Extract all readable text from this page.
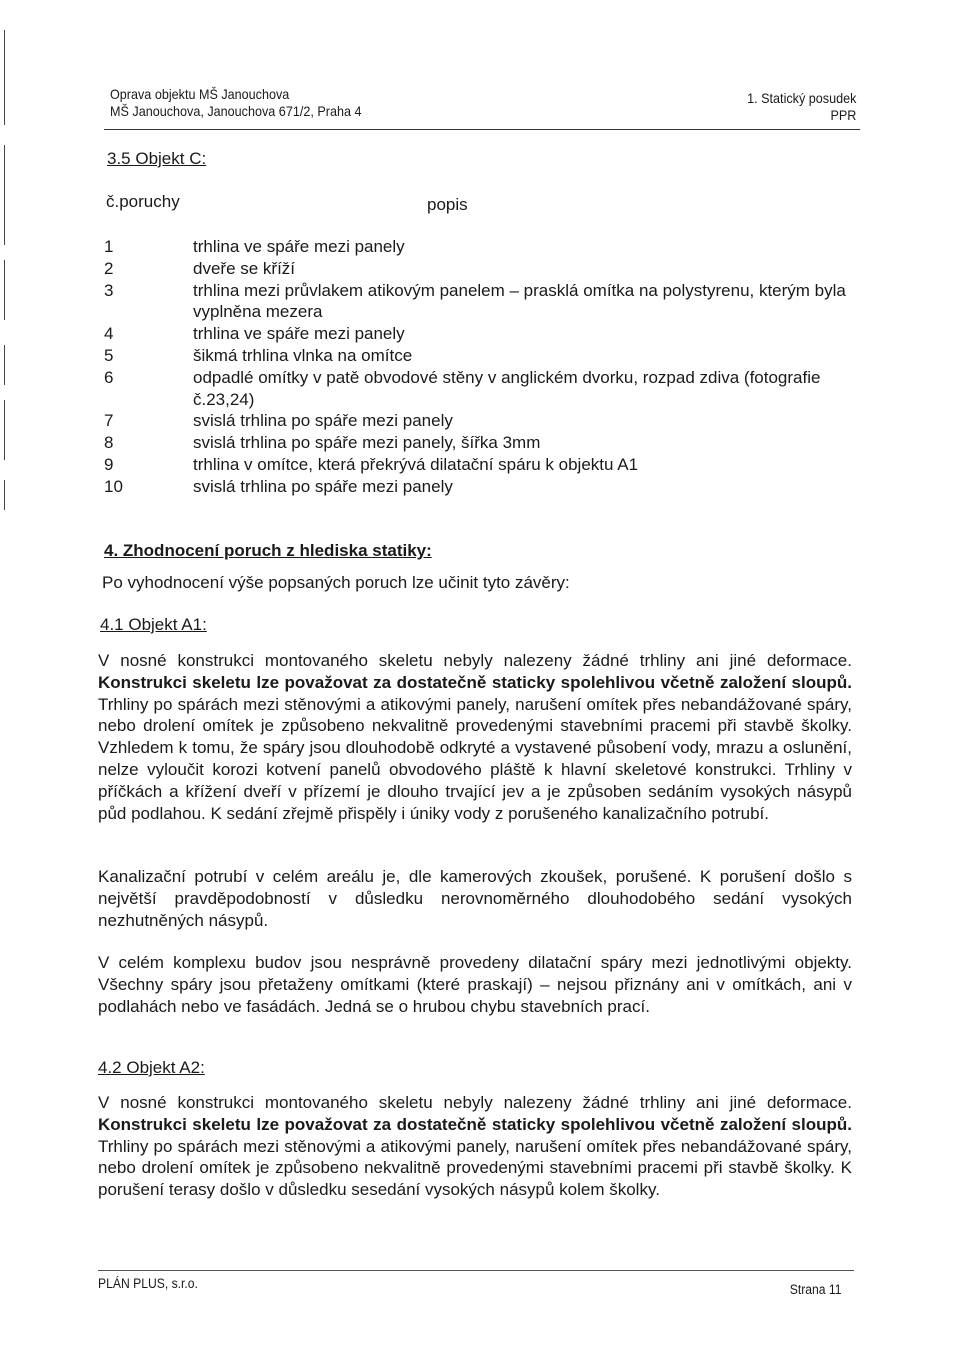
Oprava objektu MŠ Janouchova
MŠ Janouchova, Janouchova 671/2, Praha 4
1. Statický posudek
PPR
3.5 Objekt C:
č.poruchy	popis
1	trhlina ve spáře mezi panely
2	dveře se kříží
3	trhlina mezi průvlakem atikovým panelem – prasklá omítka na polystyrenu, kterým byla vyplněna mezera
4	trhlina ve spáře mezi panely
5	šikmá trhlina vlnka na omítce
6	odpadlé omítky v patě obvodové stěny v anglickém dvorku, rozpad zdiva (fotografie č.23,24)
7	svislá trhlina po spáře mezi panely
8	svislá trhlina po spáře mezi panely, šířka 3mm
9	trhlina v omítce, která překrývá dilatační spáru k objektu A1
10	svislá trhlina po spáře mezi panely
4. Zhodnocení poruch z hlediska statiky:
Po vyhodnocení výše popsaných poruch lze učinit tyto závěry:
4.1 Objekt A1:
V nosné konstrukci montovaného skeletu nebyly nalezeny žádné trhliny ani jiné deformace. Konstrukci skeletu lze považovat za dostatečně staticky spolehlivou včetně založení sloupů. Trhliny po spárách mezi stěnovými a atikovými panely, narušení omítek přes nebandážované spáry, nebo drolení omítek je způsobeno nekvalitně provedenými stavebními pracemi při stavbě školky. Vzhledem k tomu, že spáry jsou dlouhodobě odkryté a vystavené působení vody, mrazu a oslunění, nelze vyloučit korozi kotvení panelů obvodového pláště k hlavní skeletové konstrukci. Trhliny v příčkách a křížení dveří v přízemí je dlouho trvající jev a je způsoben sedáním vysokých násypů půd podlahou. K sedání zřejmě přispěly i úniky vody z porušeného kanalizačního potrubí.
Kanalizační potrubí v celém areálu je, dle kamerových zkoušek, porušené. K porušení došlo s největší pravděpodobností v důsledku nerovnoměrného dlouhodobého sedání vysokých nezhutněných násypů.
V celém komplexu budov jsou nesprávně provedeny dilatační spáry mezi jednotlivými objekty. Všechny spáry jsou přetaženy omítkami (které praskají) – nejsou přiznány ani v omítkách, ani v podlahách nebo ve fasádách. Jedná se o hrubou chybu stavebních prací.
4.2 Objekt A2:
V nosné konstrukci montovaného skeletu nebyly nalezeny žádné trhliny ani jiné deformace. Konstrukci skeletu lze považovat za dostatečně staticky spolehlivou včetně založení sloupů. Trhliny po spárách mezi stěnovými a atikovými panely, narušení omítek přes nebandážované spáry, nebo drolení omítek je způsobeno nekvalitně provedenými stavebními pracemi při stavbě školky. K porušení terasy došlo v důsledku sesedání vysokých násypů kolem školky.
PLÁN PLUS, s.r.o.	Strana 11
